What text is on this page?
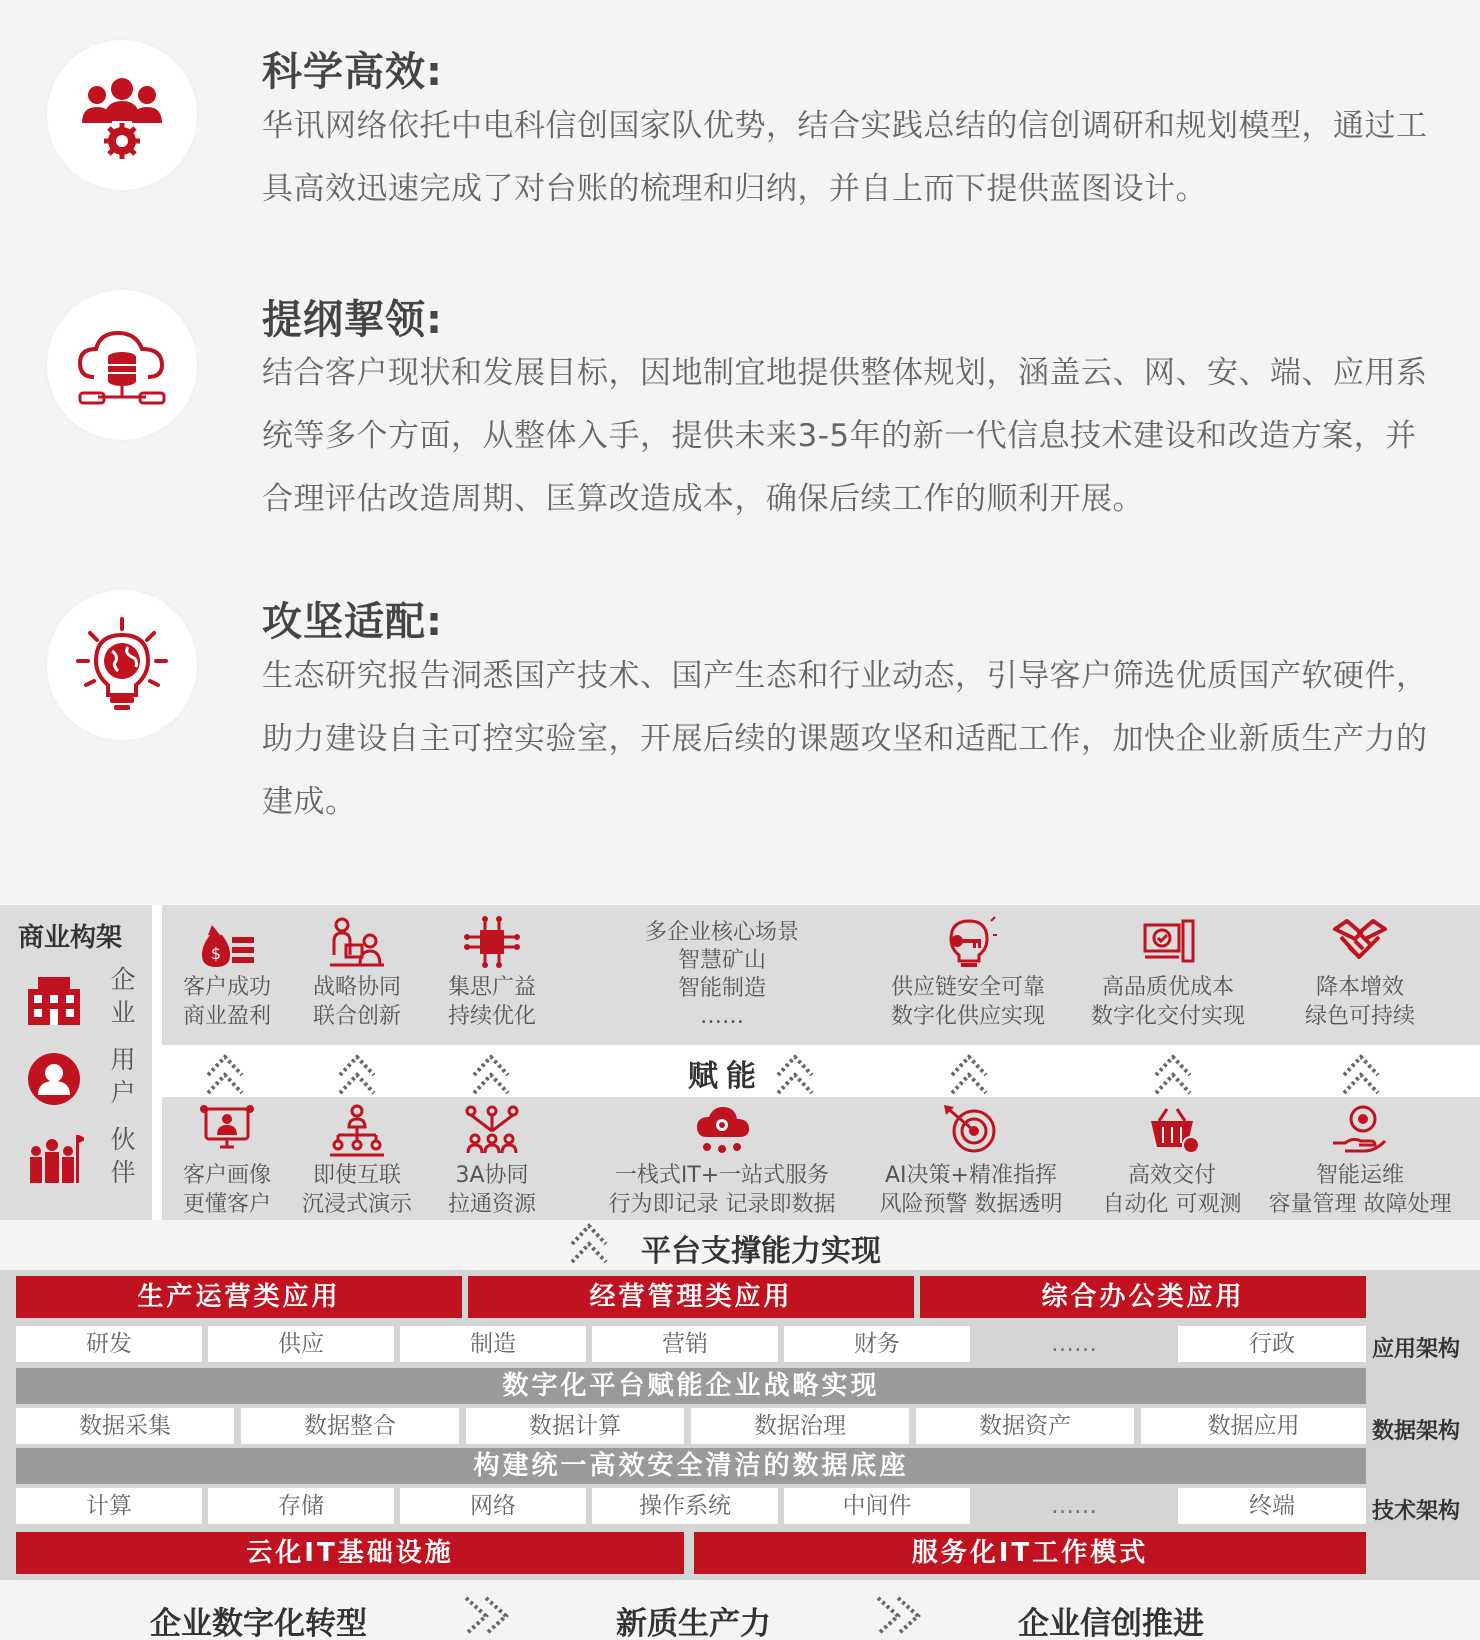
科学高效:

华讯网络依托中电科信创国家队优势，结合实践总结的信创调研和规划模型，通过工具高效迅速完成了对台账的梳理和归纳，并自上而下提供蓝图设计。

提纲挈领:

结合客户现状和发展目标，因地制宜地提供整体规划，涵盖云、网、安、端、应用系统等多个方面，从整体入手，提供未来3-5年的新一代信息技术建设和改造方案，并合理评估改造周期、匡算改造成本，确保后续工作的顺利开展。

攻坚适配:

生态研究报告洞悉国产技术、国产生态和行业动态，引导客户筛选优质国产软硬件，助力建设自主可控实验室，开展后续的课题攻坚和适配工作，加快企业新质生产力的建成。

商业构架
企业
用户
伙伴
$
客户成功
商业盈利
战略协同
联合创新
集思广益
持续优化
多企业核心场景
智慧矿山
智能制造
……
供应链安全可靠
数字化供应实现
高品质优成本
数字化交付实现
降本增效
绿色可持续
赋能
客户画像
更懂客户
即使互联
沉浸式演示
3A协同
拉通资源
一栈式IT+一站式服务
行为即记录 记录即数据
AI决策+精准指挥
风险预警 数据透明
高效交付
自动化 可观测
智能运维
容量管理 故障处理
平台支撑能力实现
生产运营类应用	经营管理类应用	综合办公类应用
研发	供应	制造	营销	财务	……	行政	应用架构
数字化平台赋能企业战略实现
数据采集	数据整合	数据计算	数据治理	数据资产	数据应用	数据架构
构建统一高效安全清洁的数据底座
计算	存储	网络	操作系统	中间件	……	终端	技术架构
云化IT基础设施	服务化IT工作模式
企业数字化转型	新质生产力	企业信创推进
